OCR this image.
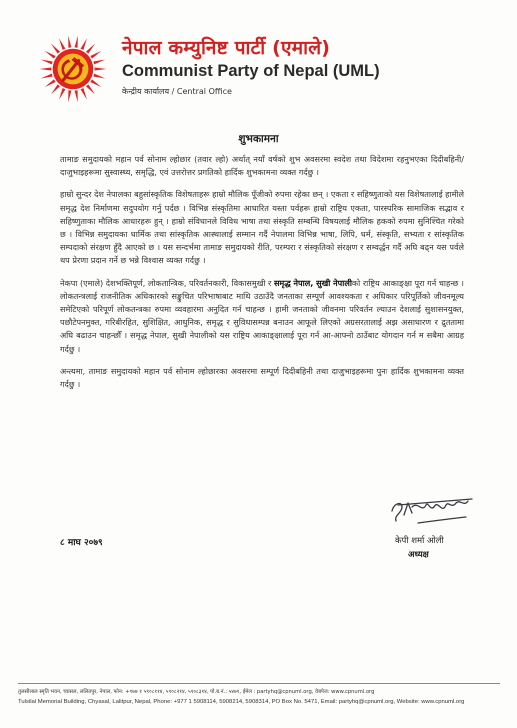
नेपाल कम्युनिष्ट पार्टी (एमाले)
Communist Party of Nepal (UML)
केन्द्रीय कार्यालय / Central Office
शुभकामना

तामाङ समुदायको महान पर्व सोनाम ल्होछार (तवार ल्हो) अर्थात् नयाँ वर्षको शुभ अवसरमा स्वदेश तथा विदेशमा रहनुभएका दिदीबहिनी/दाजुभाइहरूमा सुस्वास्थ्य, समृद्धि, एवं उत्तरोत्तर प्रगतिको हार्दिक शुभकामना व्यक्त गर्दछु ।

हाम्रो सुन्दर देश नेपालका बहुसांस्कृतिक विशेषताहरू हाम्रो मौलिक पूँजीको रुपमा रहेका छन् । एकता र सहिष्णुताको यस विशेषतालाई हामीले समृद्ध देश निर्माणमा सदुपयोग गर्नु पर्दछ । विभिन्न संस्कृतिमा आधारित यस्ता पर्वहरू हाम्रो राष्ट्रिय एकता, पारस्परिक सामाजिक सद्भाव र सहिष्णुताका मौलिक आधारहरू हुन् । हाम्रो संविधानले विविध भाषा तथा संस्कृति सम्बन्धि विषयलाई मौलिक हकको रुपमा सुनिश्चित गरेको छ । विभिन्न समुदायका धार्मिक तथा सांस्कृतिक आस्थालाई सम्मान गर्दै नेपालमा विभिन्न भाषा, लिपि, धर्म, संस्कृति, सभ्यता र सांस्कृतिक सम्पदाको संरक्षण हुँदै आएको छ । यस सन्दर्भमा तामाङ समुदायको रीति, परम्परा र संस्कृतिको संरक्षण र सम्वर्द्धन गर्दै अघि बढ्न यस पर्वले थप प्रेरणा प्रदान गर्ने छ भन्ने विश्वास व्यक्त गर्दछु ।

नेकपा (एमाले) देशभक्तिपूर्ण, लोकतान्त्रिक, परिवर्तनकारी, विकासमुखी र समृद्ध नेपाल, सुखी नेपालीको राष्ट्रिय आकाङ्क्षा पूरा गर्न चाहन्छ । लोकतन्त्रलाई राजनीतिक अधिकारको सङ्कुचित परिभाषाबाट माथि उठाउँदै जनताका सम्पूर्ण आवश्यकता र अधिकार परिपूर्तिको जीवनमूल्य समेटिएको परिपूर्ण लोकतन्त्रका रुपमा व्यवहारमा अनुदित गर्न चाहन्छ । हामी जनताको जीवनमा परिवर्तन ल्याउन देशलाई सुशासनयुक्त, पछौटेपनमुक्त, गरिबीरहित, सुशिक्षित, आधुनिक, समृद्ध र सुविधासम्पन्न बनाउन आफूले लिएको अग्रसरतालाई अझ असाधारण र द्रुततामा अघि बढाउन चाहन्छौँ । समृद्ध नेपाल, सुखी नेपालीको यस राष्ट्रिय आकाङ्क्षालाई पूरा गर्न आ-आफ्नो ठाउँबाट योगदान गर्न म सबैमा आग्रह गर्दछु ।

अन्त्यमा, तामाङ समुदायको महान पर्व सोनाम ल्होछारका अवसरमा सम्पूर्ण दिदीबहिनी तथा दाजुभाइहरूमा पुनः हार्दिक शुभकामना व्यक्त गर्दछु ।

८ माघ २०७९	केपी शर्मा ओली
अध्यक्ष
तुलसीलाल स्मृति भवन, च्यासल, ललितपुर, नेपाल, फोन: +९७७ १ ५९०८११४, ५९०८२१४, ५९०८३१४, पो.ब.नं.: ५४७१, ईमेल : partyhq@cpnuml.org, वेबपेज: www.cpnuml.org
Tulsilal Memorial Building, Chyasal, Lalitpur, Nepal, Phone: +977 1 5908114, 5908214, 5908314, PO Box No. 5471, Email: partyhq@cpnuml.org, Website: www.cpnuml.org
